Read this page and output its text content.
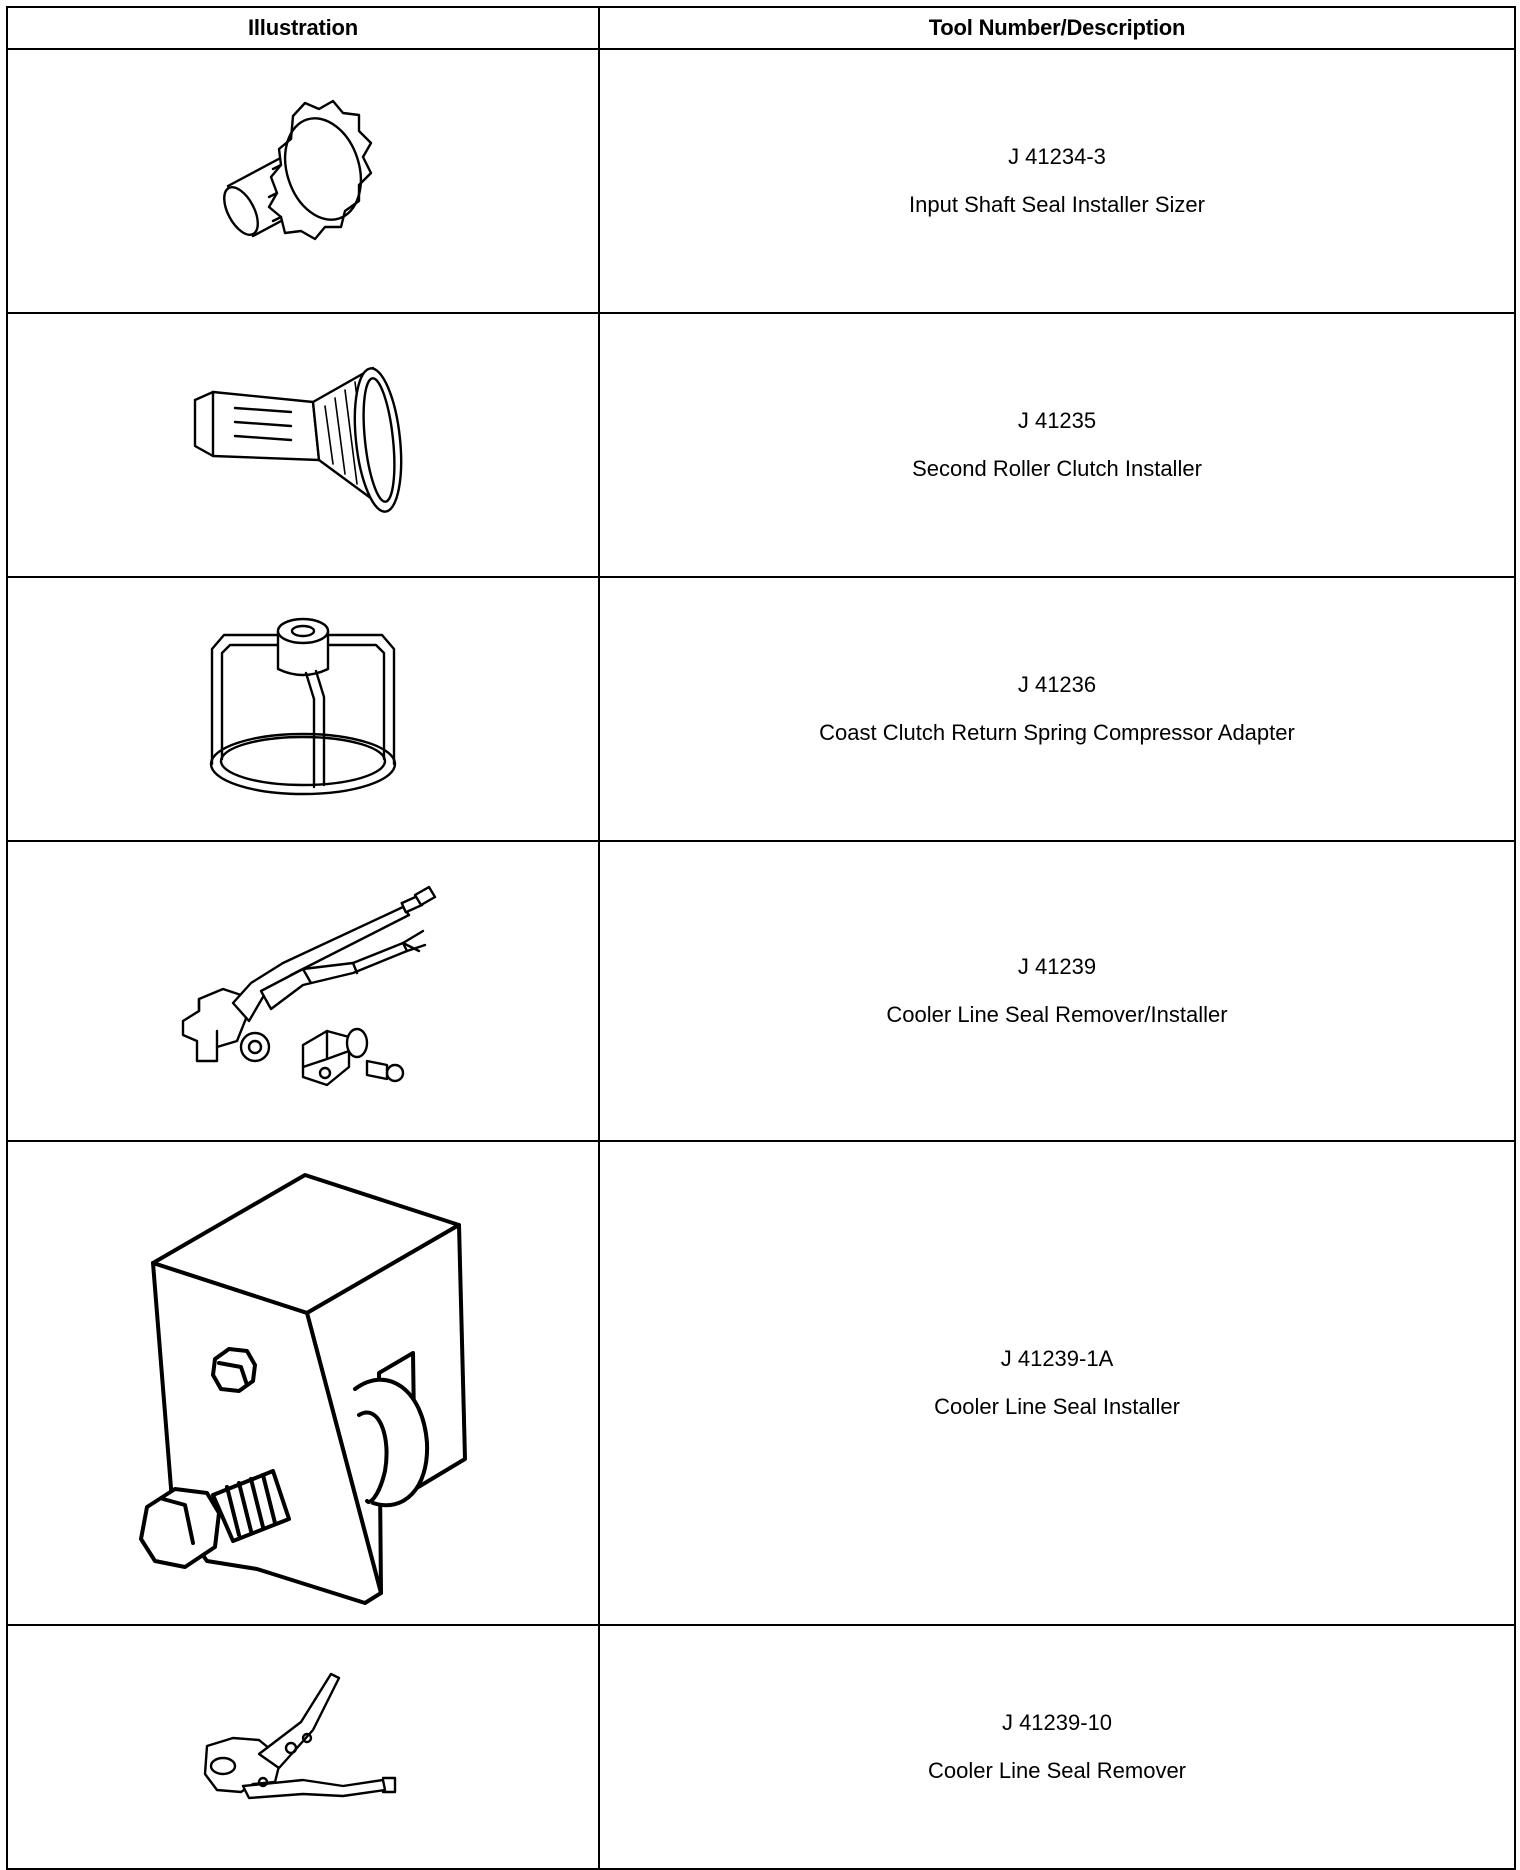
Illustration	Tool Number/Description

J 41234-3
Input Shaft Seal Installer Sizer

J 41235
Second Roller Clutch Installer

J 41236
Coast Clutch Return Spring Compressor Adapter

J 41239
Cooler Line Seal Remover/Installer

J 41239-1A
Cooler Line Seal Installer

J 41239-10
Cooler Line Seal Remover
